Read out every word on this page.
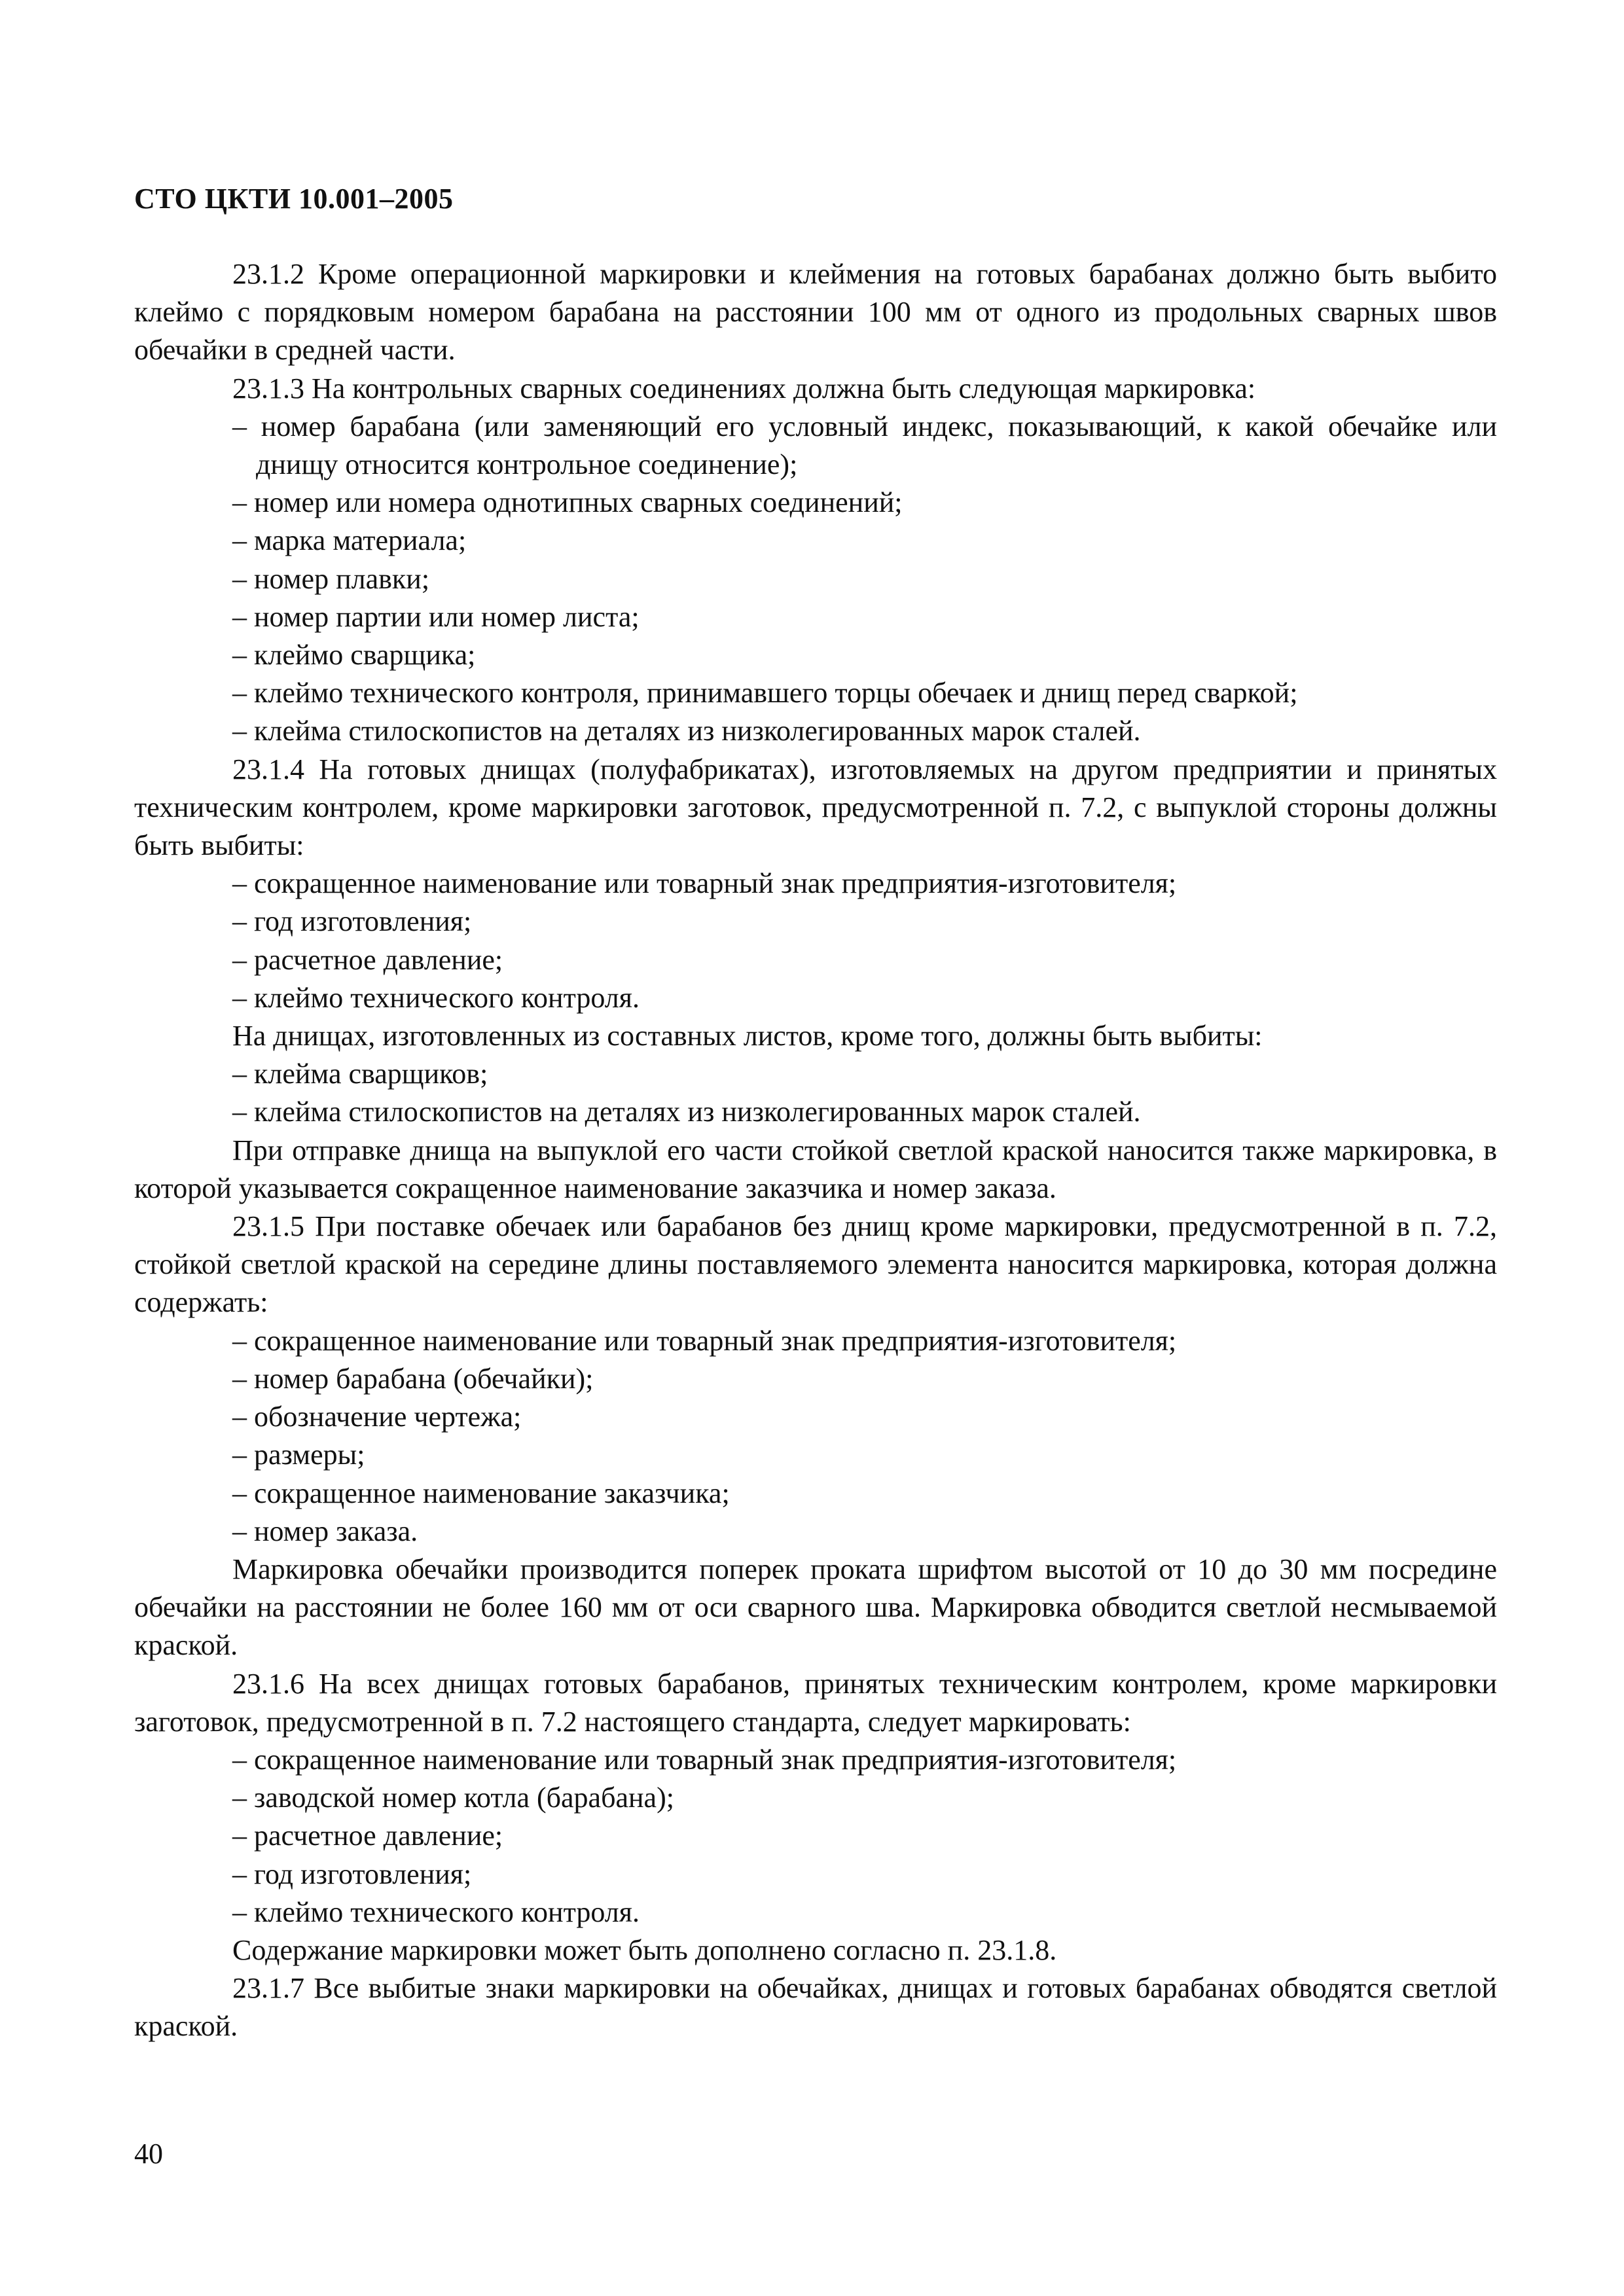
СТО ЦКТИ 10.001–2005

23.1.2 Кроме операционной маркировки и клеймения на готовых барабанах должно быть выбито клеймо с порядковым номером барабана на расстоянии 100 мм от одного из продольных сварных швов обечайки в средней части.

23.1.3 На контрольных сварных соединениях должна быть следующая маркировка:

– номер барабана (или заменяющий его условный индекс, показывающий, к какой обечайке или днищу относится контрольное соединение);
– номер или номера однотипных сварных соединений;
– марка материала;
– номер плавки;
– номер партии или номер листа;
– клеймо сварщика;
– клеймо технического контроля, принимавшего торцы обечаек и днищ перед сваркой;
– клейма стилоскопистов на деталях из низколегированных марок сталей.

23.1.4 На готовых днищах (полуфабрикатах), изготовляемых на другом предприятии и принятых техническим контролем, кроме маркировки заготовок, предусмотренной п. 7.2, с выпуклой стороны должны быть выбиты:

– сокращенное наименование или товарный знак предприятия-изготовителя;
– год изготовления;
– расчетное давление;
– клеймо технического контроля.

На днищах, изготовленных из составных листов, кроме того, должны быть выбиты:

– клейма сварщиков;
– клейма стилоскопистов на деталях из низколегированных марок сталей.

При отправке днища на выпуклой его части стойкой светлой краской наносится также маркировка, в которой указывается сокращенное наименование заказчика и номер заказа.

23.1.5 При поставке обечаек или барабанов без днищ кроме маркировки, предусмотренной в п. 7.2, стойкой светлой краской на середине длины поставляемого элемента наносится маркировка, которая должна содержать:

– сокращенное наименование или товарный знак предприятия-изготовителя;
– номер барабана (обечайки);
– обозначение чертежа;
– размеры;
– сокращенное наименование заказчика;
– номер заказа.

Маркировка обечайки производится поперек проката шрифтом высотой от 10 до 30 мм посредине обечайки на расстоянии не более 160 мм от оси сварного шва. Маркировка обводится светлой несмываемой краской.

23.1.6 На всех днищах готовых барабанов, принятых техническим контролем, кроме маркировки заготовок, предусмотренной в п. 7.2 настоящего стандарта, следует маркировать:

– сокращенное наименование или товарный знак предприятия-изготовителя;
– заводской номер котла (барабана);
– расчетное давление;
– год изготовления;
– клеймо технического контроля.

Содержание маркировки может быть дополнено согласно п. 23.1.8.

23.1.7 Все выбитые знаки маркировки на обечайках, днищах и готовых барабанах обводятся светлой краской.

40
